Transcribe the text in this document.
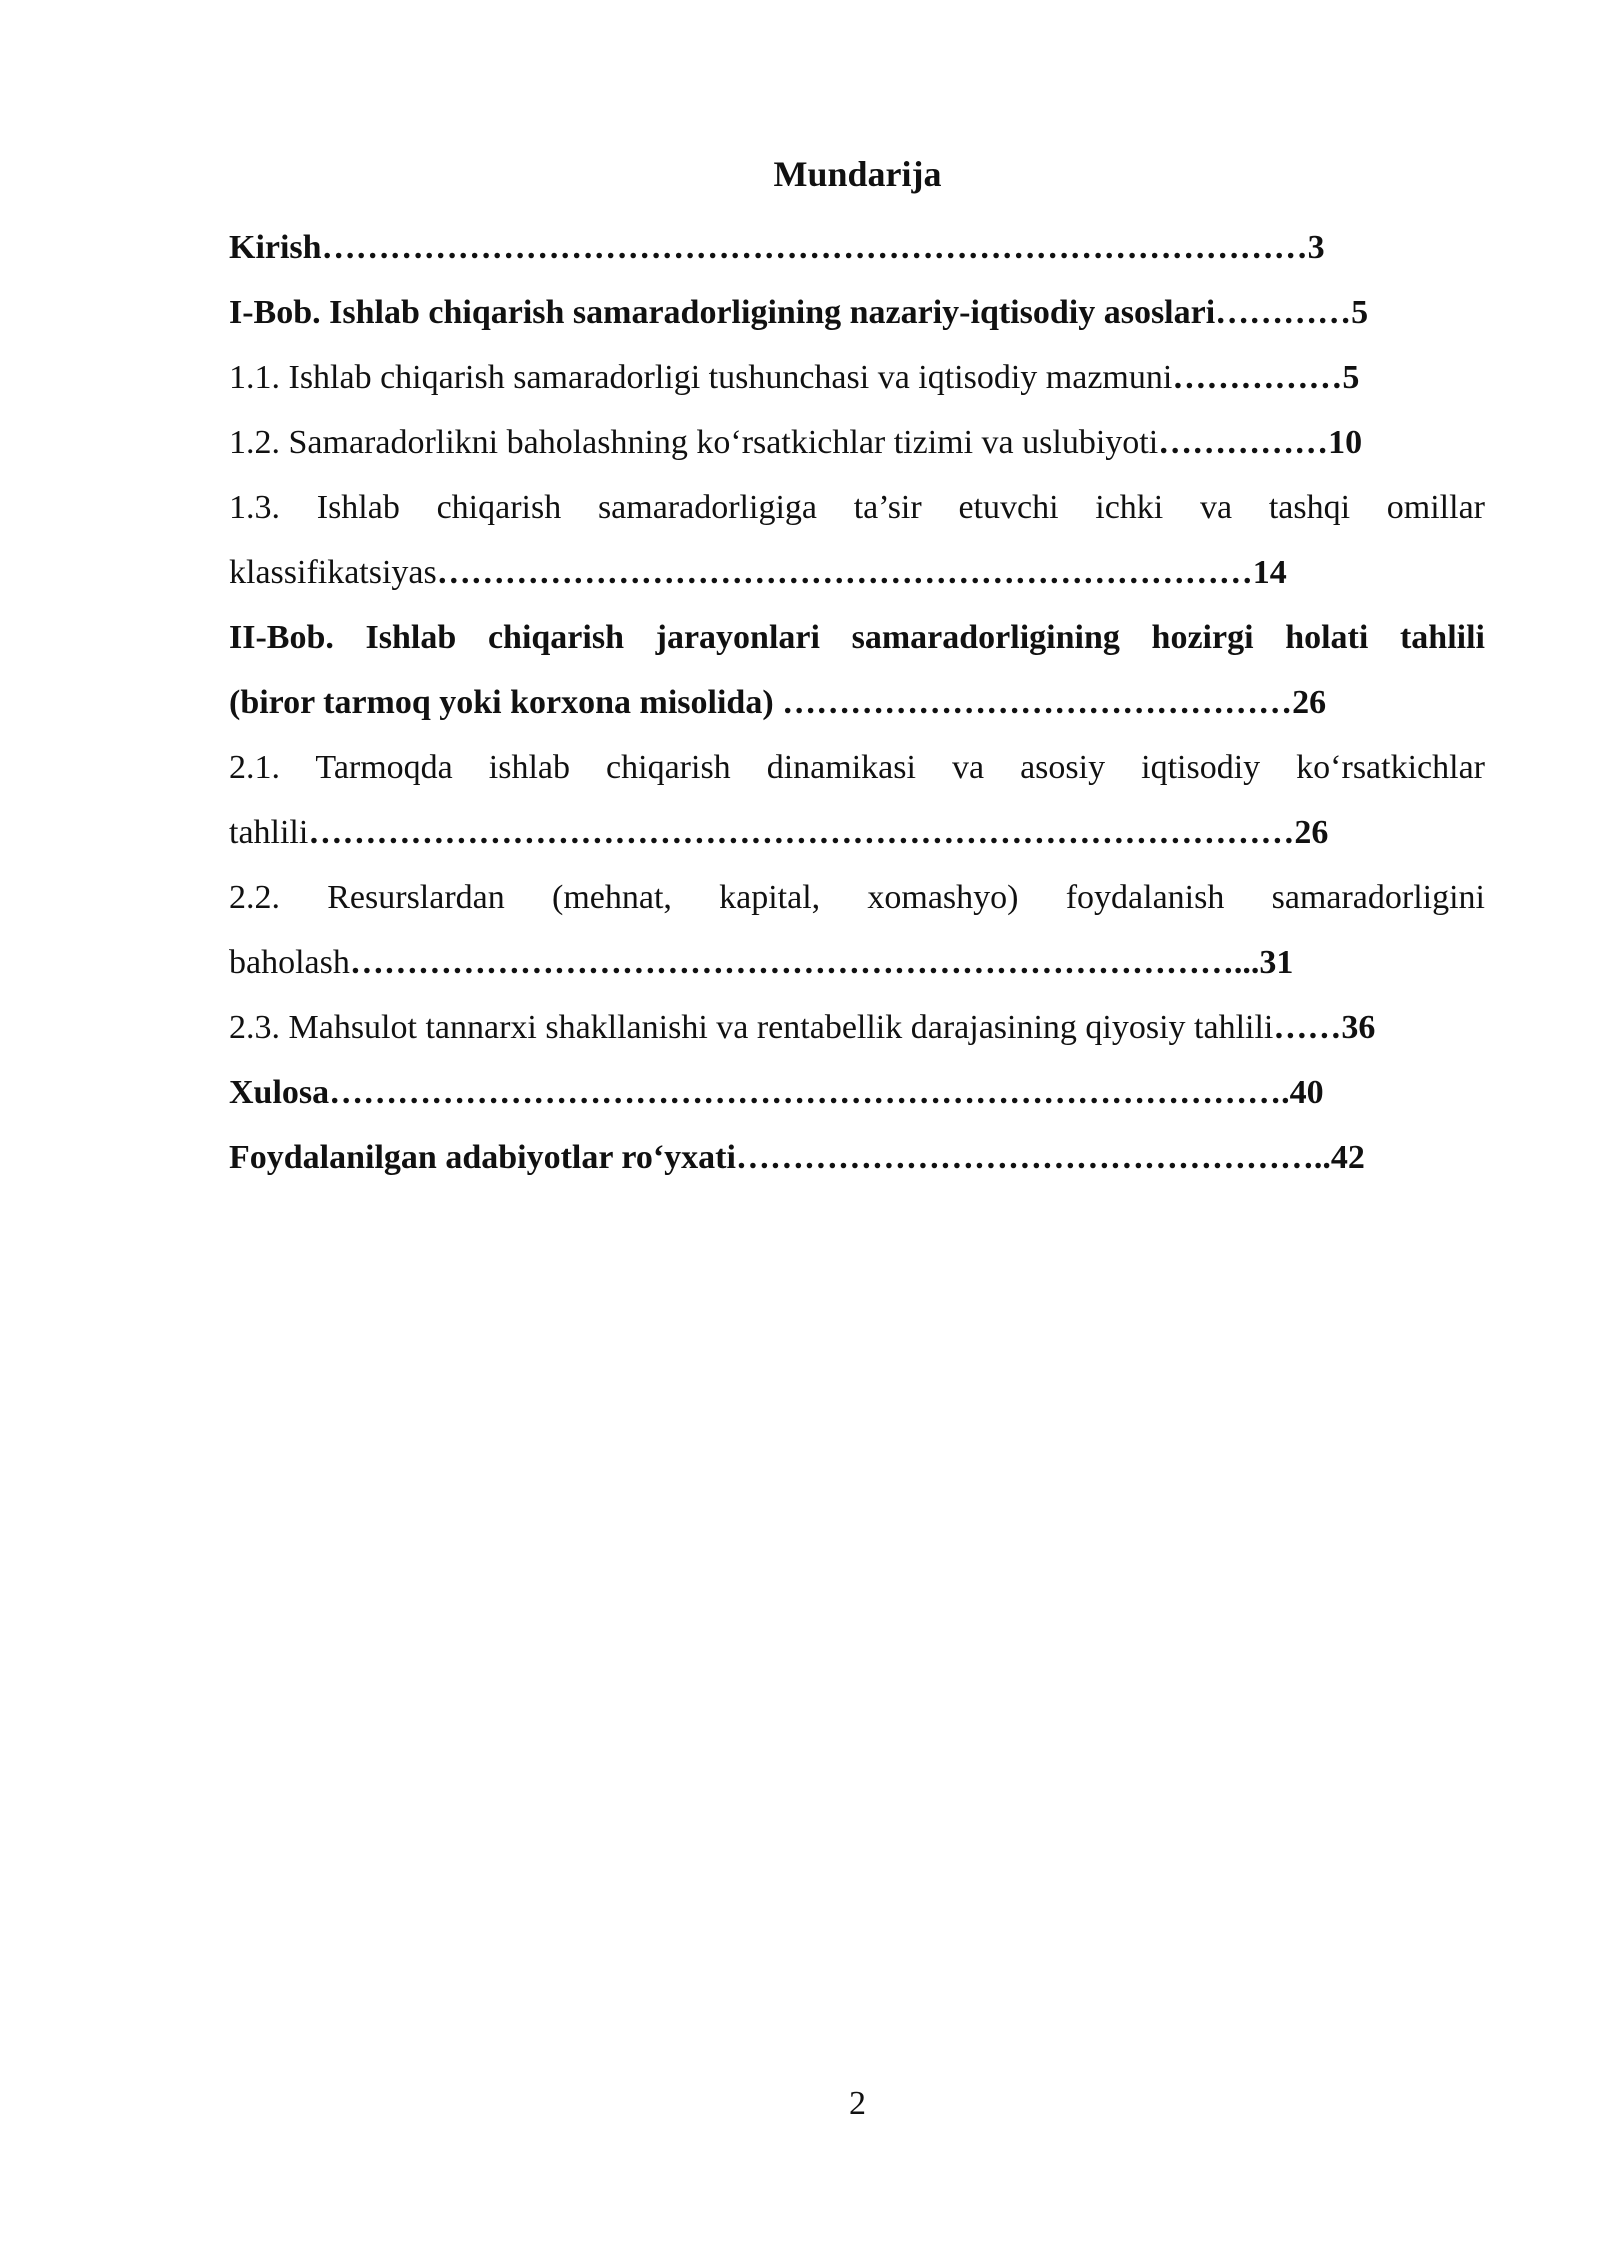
Mundarija
Kirish……………………………………………………………………………3
I-Bob. Ishlab chiqarish samaradorligining nazariy-iqtisodiy asoslari…………5
1.1. Ishlab chiqarish samaradorligi tushunchasi va iqtisodiy mazmuni……………5
1.2. Samaradorlikni baholashning ko‘rsatkichlar tizimi va uslubiyoti……………10
1.3. Ishlab chiqarish samaradorligiga ta’sir etuvchi ichki va tashqi omillar
klassifikatsiyas………………………………………………………………14
II-Bob. Ishlab chiqarish jarayonlari samaradorligining hozirgi holati tahlili
(biror tarmoq yoki korxona misolida) ………………………………………26
2.1. Tarmoqda ishlab chiqarish dinamikasi va asosiy iqtisodiy ko‘rsatkichlar
tahlili……………………………………………………………………………26
2.2. Resurslardan (mehnat, kapital, xomashyo) foydalanish samaradorligini
baholash……………………………………………………………………...31
2.3. Mahsulot tannarxi shakllanishi va rentabellik darajasining qiyosiy tahlili……36
Xulosa………………………………………………………………………….40
Foydalanilgan adabiyotlar ro‘yxati……………………………………………..42
2
